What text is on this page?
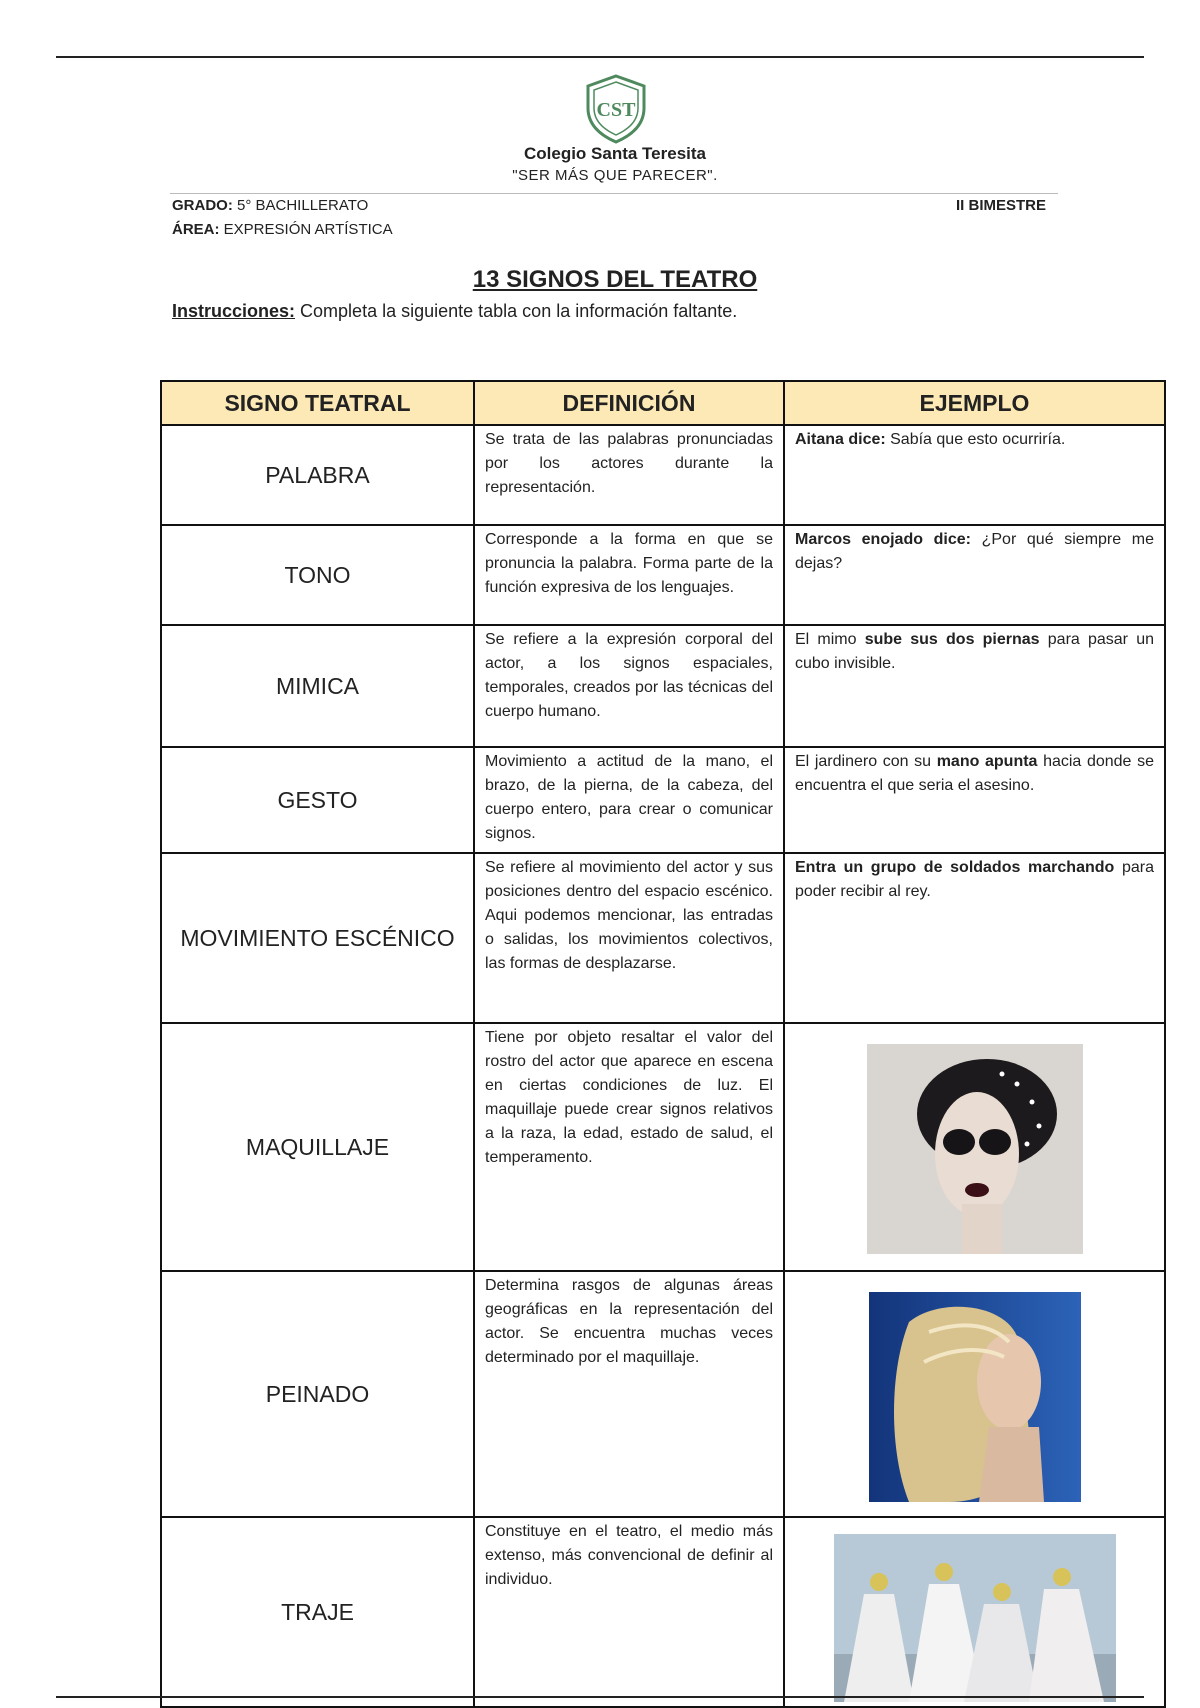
CST
Colegio Santa Teresita
"SER MÁS QUE PARECER".
GRADO: 5° BACHILLERATO
ÁREA: EXPRESIÓN ARTÍSTICA
II BIMESTRE
13 SIGNOS DEL TEATRO
Instrucciones: Completa la siguiente tabla con la información faltante.
SIGNO TEATRAL	DEFINICIÓN	EJEMPLO
PALABRA	Se trata de las palabras pronunciadas por los actores durante la representación.	Aitana dice: Sabía que esto ocurriría.
TONO	Corresponde a la forma en que se pronuncia la palabra. Forma parte de la función expresiva de los lenguajes.	Marcos enojado dice: ¿Por qué siempre me dejas?
MIMICA	Se refiere a la expresión corporal del actor, a los signos espaciales, temporales, creados por las técnicas del cuerpo humano.	El mimo sube sus dos piernas para pasar un cubo invisible.
GESTO	Movimiento a actitud de la mano, el brazo, de la pierna, de la cabeza, del cuerpo entero, para crear o comunicar signos.	El jardinero con su mano apunta hacia donde se encuentra el que seria el asesino.
MOVIMIENTO ESCÉNICO	Se refiere al movimiento del actor y sus posiciones dentro del espacio escénico. Aqui podemos mencionar, las entradas o salidas, los movimientos colectivos, las formas de desplazarse.	Entra un grupo de soldados marchando para poder recibir al rey.
MAQUILLAJE	Tiene por objeto resaltar el valor del rostro del actor que aparece en escena en ciertas condiciones de luz. El maquillaje puede crear signos relativos a la raza, la edad, estado de salud, el temperamento.	

PEINADO	Determina rasgos de algunas áreas geográficas en la representación del actor. Se encuentra muchas veces determinado por el maquillaje.	

TRAJE	Constituye en el teatro, el medio más extenso, más convencional de definir al individuo.	
